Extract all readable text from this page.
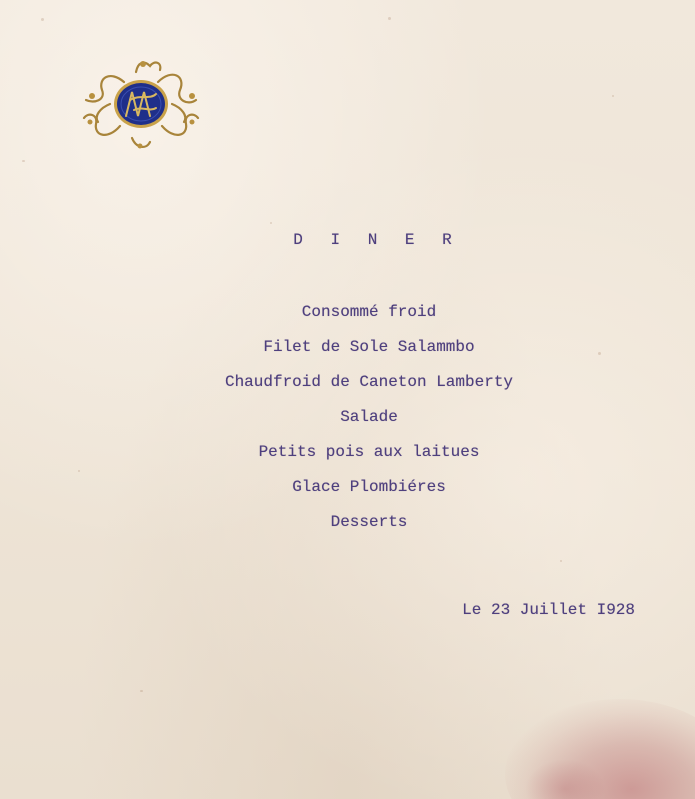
D I N E R
Consommé froid
Filet de Sole Salammbo
Chaudfroid de Caneton Lamberty
Salade
Petits pois aux laitues
Glace Plombiéres
Desserts
Le 23 Juillet I928
